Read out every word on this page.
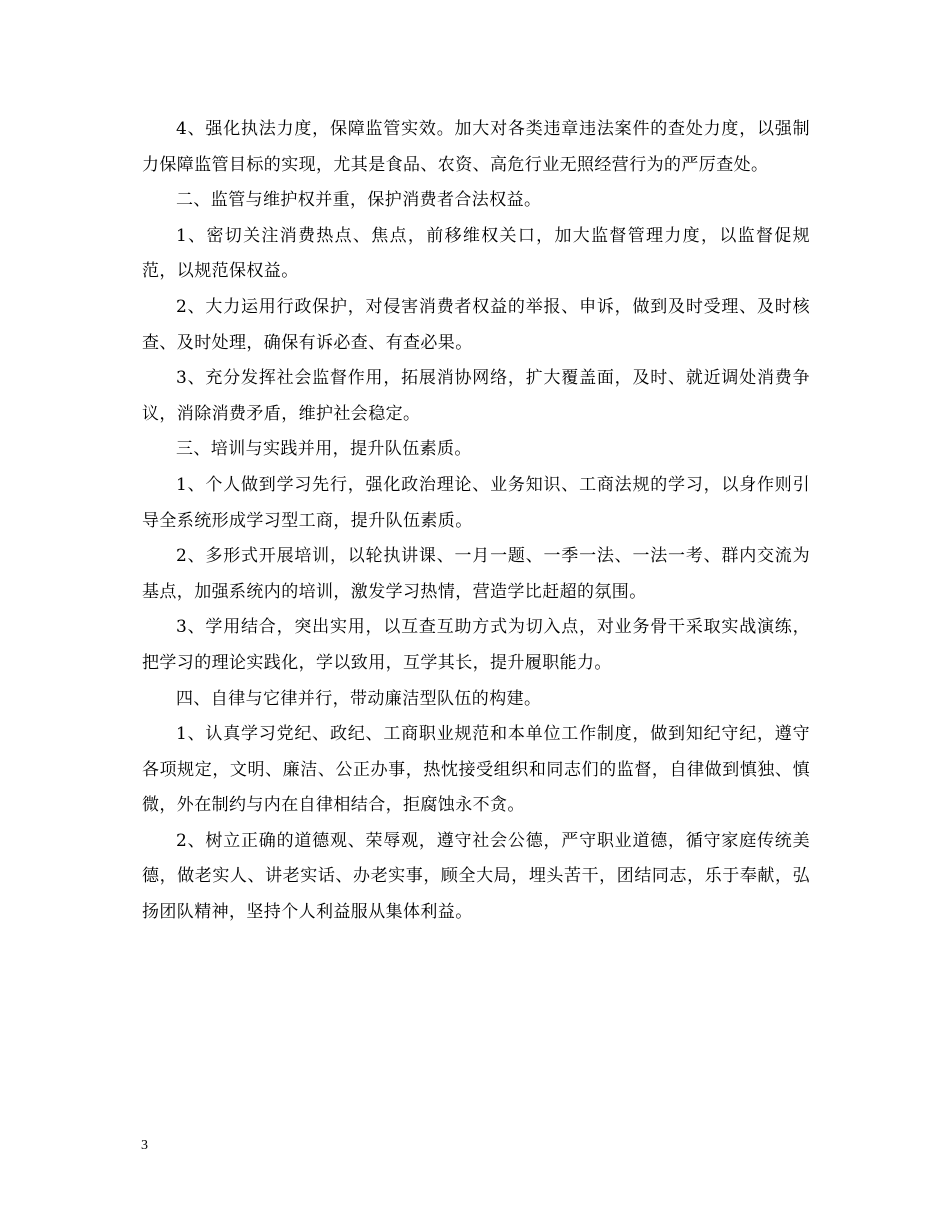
4、强化执法力度，保障监管实效。加大对各类违章违法案件的查处力度，以强制力保障监管目标的实现，尤其是食品、农资、高危行业无照经营行为的严厉查处。

二、监管与维护权并重，保护消费者合法权益。

1、密切关注消费热点、焦点，前移维权关口，加大监督管理力度，以监督促规范，以规范保权益。

2、大力运用行政保护，对侵害消费者权益的举报、申诉，做到及时受理、及时核查、及时处理，确保有诉必查、有查必果。

3、充分发挥社会监督作用，拓展消协网络，扩大覆盖面，及时、就近调处消费争议，消除消费矛盾，维护社会稳定。

三、培训与实践并用，提升队伍素质。

1、个人做到学习先行，强化政治理论、业务知识、工商法规的学习，以身作则引导全系统形成学习型工商，提升队伍素质。

2、多形式开展培训，以轮执讲课、一月一题、一季一法、一法一考、群内交流为基点，加强系统内的培训，激发学习热情，营造学比赶超的氛围。

3、学用结合，突出实用，以互查互助方式为切入点，对业务骨干采取实战演练，把学习的理论实践化，学以致用，互学其长，提升履职能力。

四、自律与它律并行，带动廉洁型队伍的构建。

1、认真学习党纪、政纪、工商职业规范和本单位工作制度，做到知纪守纪，遵守各项规定，文明、廉洁、公正办事，热忱接受组织和同志们的监督，自律做到慎独、慎微，外在制约与内在自律相结合，拒腐蚀永不贪。

2、树立正确的道德观、荣辱观，遵守社会公德，严守职业道德，循守家庭传统美德，做老实人、讲老实话、办老实事，顾全大局，埋头苦干，团结同志，乐于奉献，弘扬团队精神，坚持个人利益服从集体利益。

3
